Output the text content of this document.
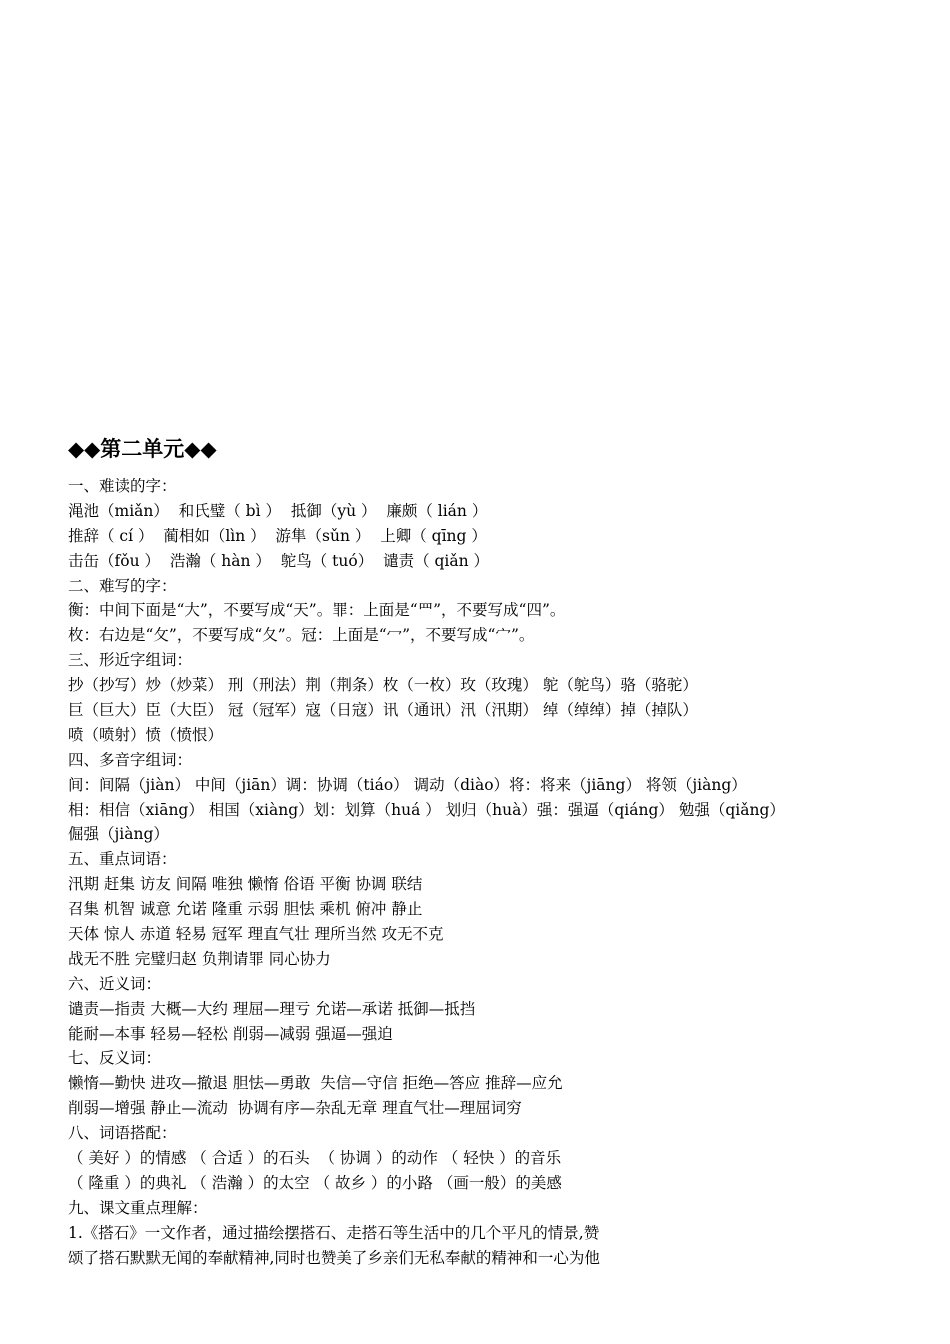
◆◆第二单元◆◆
一、难读的字：
渑池（miǎn）  和氏璧（ bì ）  抵御（yù ）  廉颇（ lián ）
推辞（ cí ）  蔺相如（lìn ）  游隼（sǔn ）  上卿（ qīng ）
击缶（fǒu ）  浩瀚（ hàn ）  鸵鸟（ tuó）  谴责（ qiǎn ）
二、难写的字：
衡：中间下面是“大”，不要写成“天”。罪：上面是“罒”，不要写成“四”。
枚：右边是“攵”，不要写成“夂”。冠：上面是“冖”，不要写成“宀”。
三、形近字组词：
抄（抄写）炒（炒菜） 刑（刑法）荆（荆条）枚（一枚）玫（玫瑰） 鸵（鸵鸟）骆（骆驼）
巨（巨大）臣（大臣） 冠（冠军）寇（日寇）讯（通讯）汛（汛期） 绰（绰绰）掉（掉队）
喷（喷射）愤（愤恨）
四、多音字组词：
间：间隔（jiàn） 中间（jiān）调：协调（tiáo） 调动（diào）将：将来（jiāng） 将领（jiàng）
相：相信（xiāng） 相国（xiàng）划：划算（huá ） 划归（huà）强：强逼（qiáng） 勉强（qiǎng）
倔强（jiàng）
五、重点词语：
汛期 赶集 访友 间隔 唯独 懒惰 俗语 平衡 协调 联结
召集 机智 诚意 允诺 隆重 示弱 胆怯 乘机 俯冲 静止
天体 惊人 赤道 轻易 冠军 理直气壮 理所当然 攻无不克
战无不胜 完璧归赵 负荆请罪 同心协力
六、近义词：
谴责—指责 大概—大约 理屈—理亏 允诺—承诺 抵御—抵挡
能耐—本事 轻易—轻松 削弱—减弱 强逼—强迫
七、反义词：
懒惰—勤快 进攻—撤退 胆怯—勇敢  失信—守信 拒绝—答应 推辞—应允
削弱—增强 静止—流动  协调有序—杂乱无章 理直气壮—理屈词穷
八、词语搭配：
（ 美好 ）的情感 （ 合适 ）的石头  （ 协调 ）的动作 （ 轻快 ）的音乐
（ 隆重 ）的典礼 （ 浩瀚 ）的太空 （ 故乡 ）的小路 （画一般）的美感
九、课文重点理解：
1.《搭石》一文作者，通过描绘摆搭石、走搭石等生活中的几个平凡的情景,赞
颂了搭石默默无闻的奉献精神,同时也赞美了乡亲们无私奉献的精神和一心为他
